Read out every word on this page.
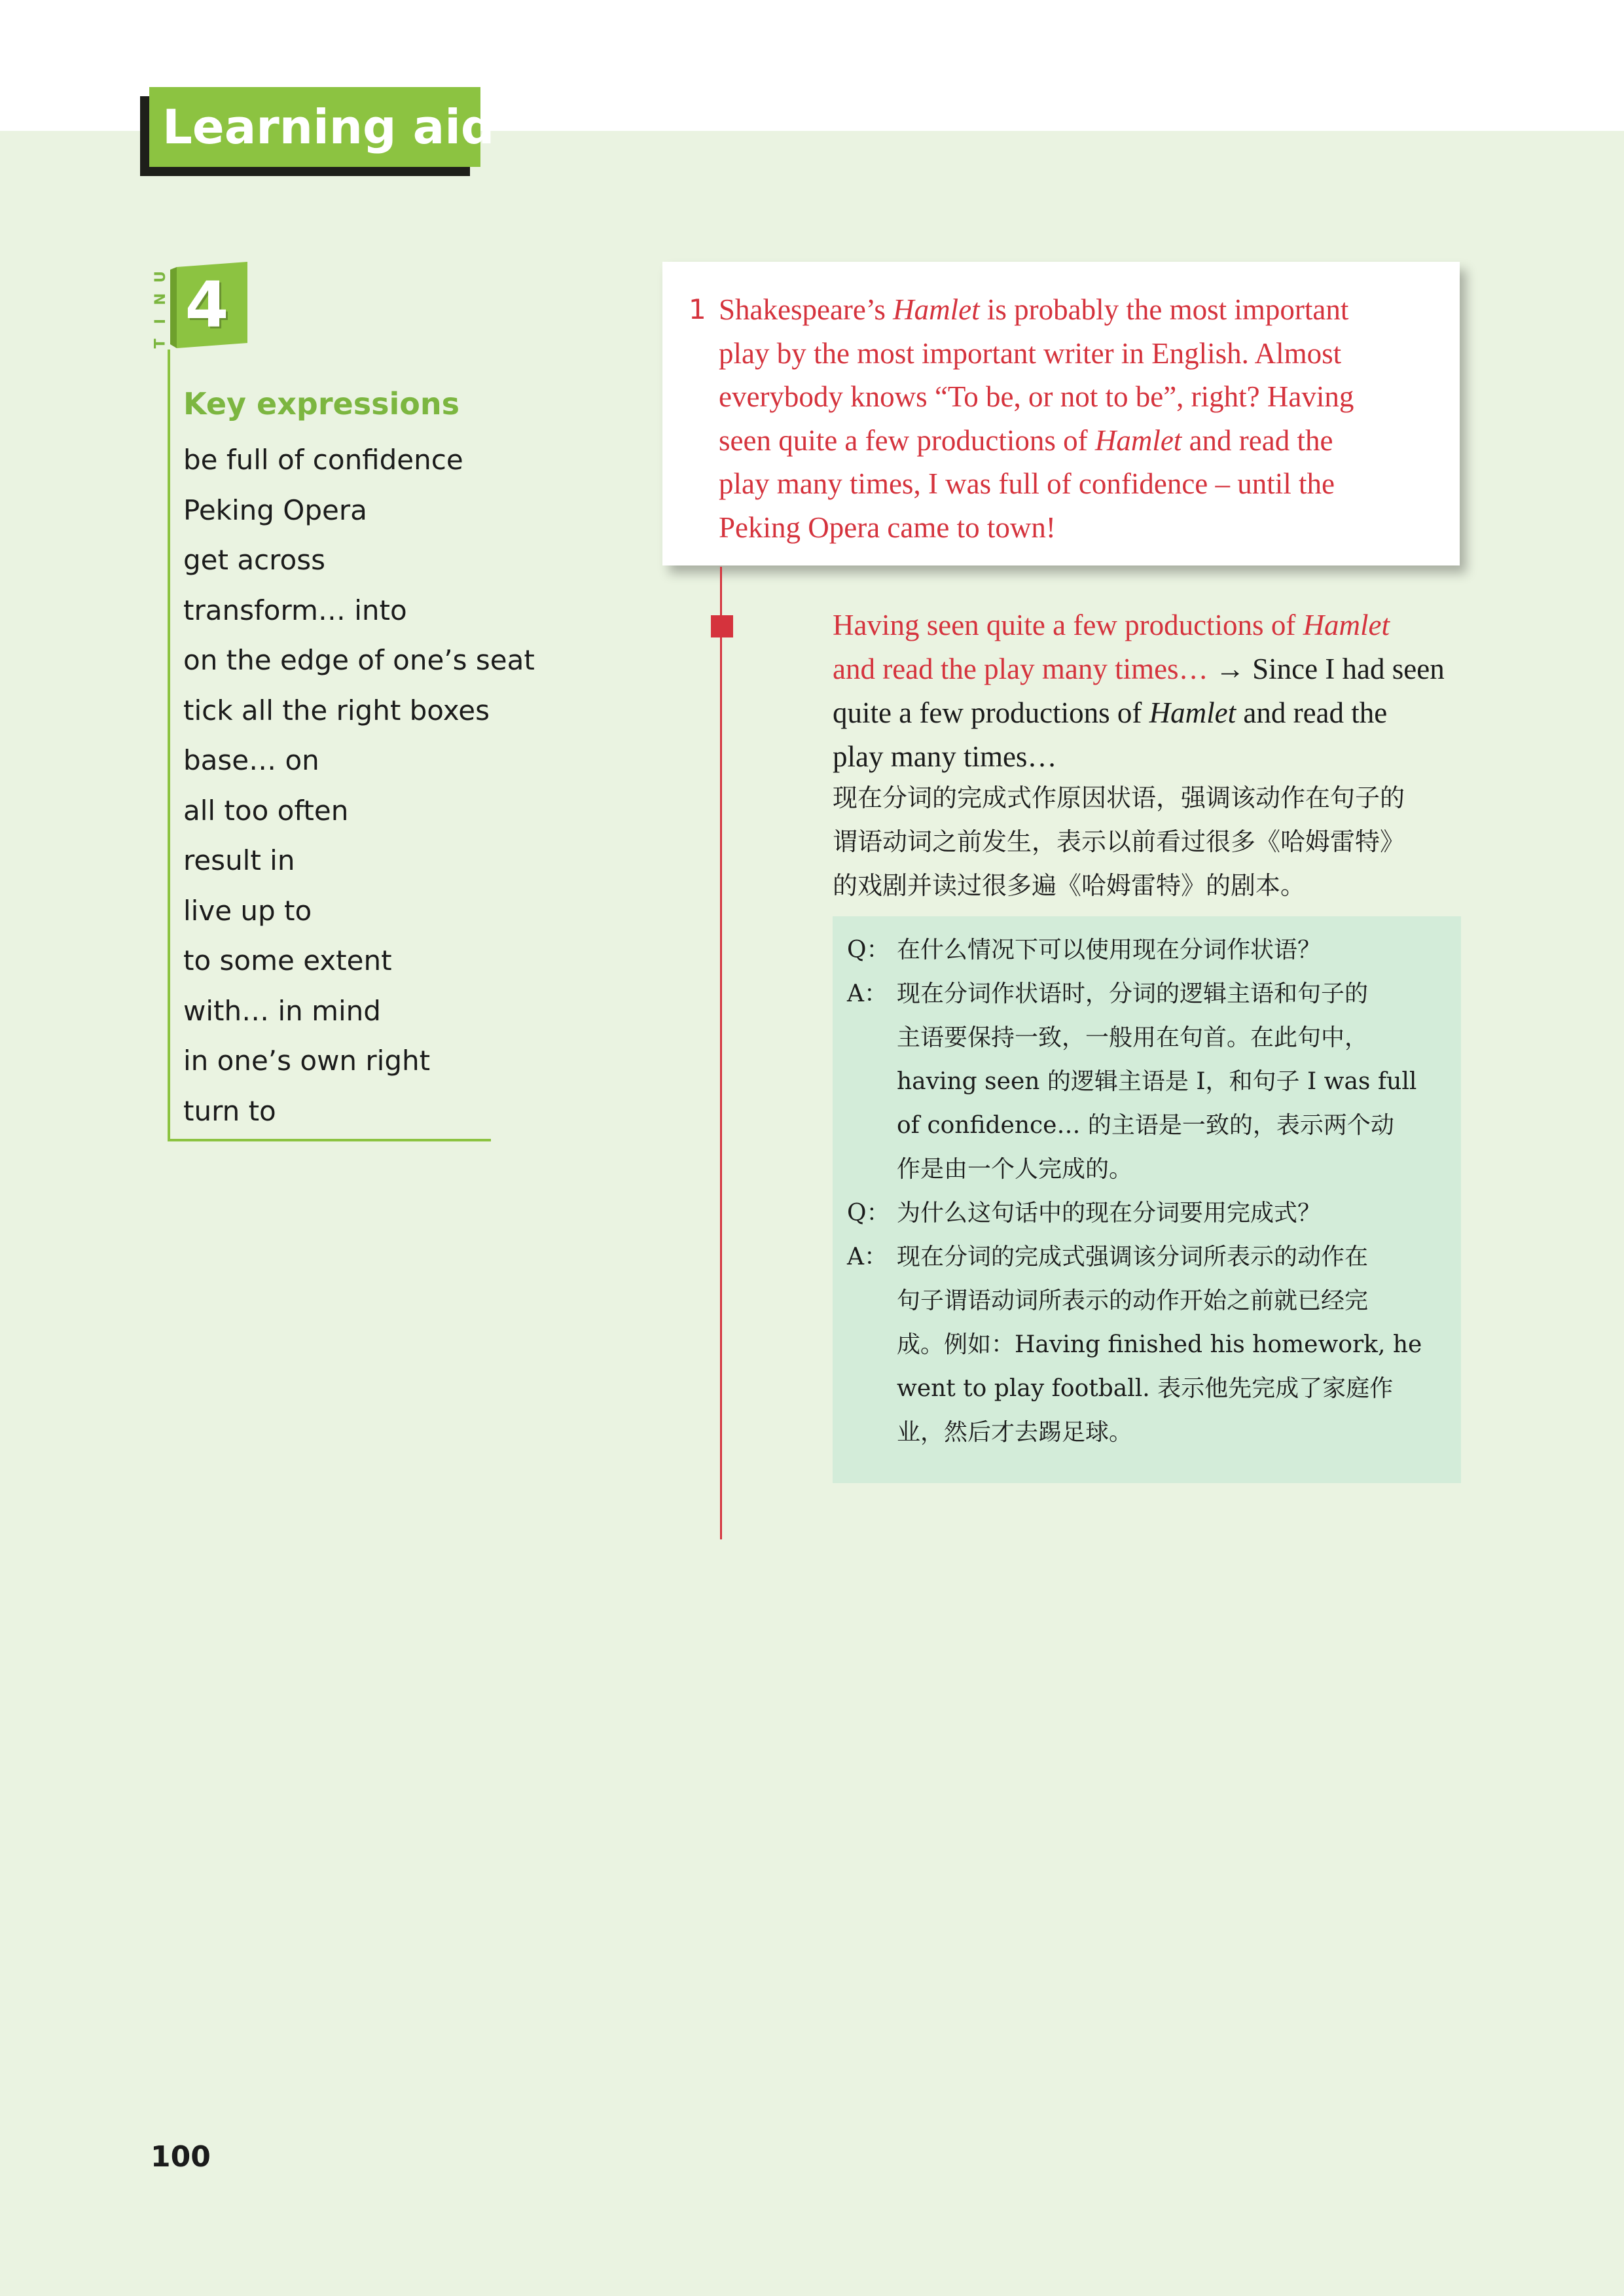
Learning aid
U
N
I
T
4
Key expressions
be full of confidence
Peking Opera
get across
transform… into
on the edge of one’s seat
tick all the right boxes
base… on
all too often
result in
live up to
to some extent
with… in mind
in one’s own right
turn to
1 Shakespeare’s Hamlet is probably the most important
play by the most important writer in English. Almost
everybody knows “To be, or not to be”, right? Having
seen quite a few productions of Hamlet and read the
play many times, I was full of confidence – until the
Peking Opera came to town!
Having seen quite a few productions of Hamlet
and read the play many times… → Since I had seen
quite a few productions of Hamlet and read the
play many times…
现在分词的完成式作原因状语，强调该动作在句子的
谓语动词之前发生，表示以前看过很多《哈姆雷特》
的戏剧并读过很多遍《哈姆雷特》的剧本。
Q： 在什么情况下可以使用现在分词作状语？
A： 现在分词作状语时，分词的逻辑主语和句子的
主语要保持一致，一般用在句首。在此句中，
having seen 的逻辑主语是 I，和句子 I was full
of confidence… 的主语是一致的，表示两个动
作是由一个人完成的。
Q： 为什么这句话中的现在分词要用完成式？
A： 现在分词的完成式强调该分词所表示的动作在
句子谓语动词所表示的动作开始之前就已经完
成。例如：Having finished his homework, he
went to play football. 表示他先完成了家庭作
业，然后才去踢足球。
100
